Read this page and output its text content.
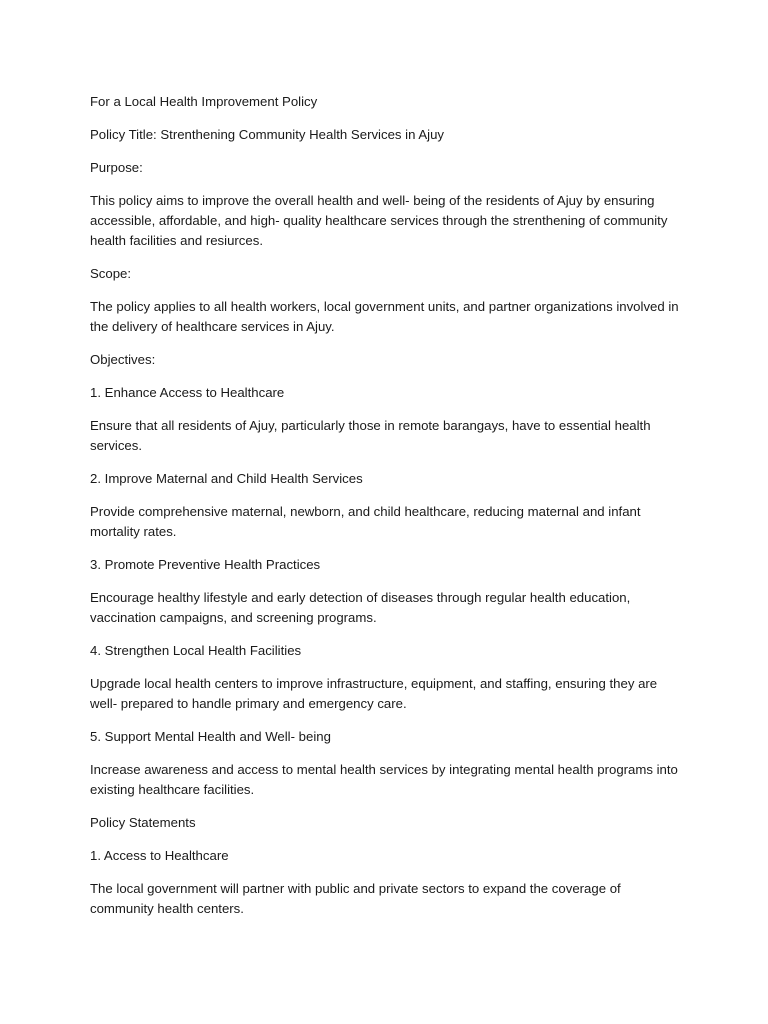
For a Local Health Improvement Policy

Policy Title: Strenthening Community Health Services in Ajuy

Purpose:

This policy aims to improve the overall health and well- being of the residents of Ajuy by ensuring accessible, affordable, and high- quality healthcare services through the strenthening of community health facilities and resiurces.

Scope:

The policy applies to all health workers, local government units, and partner organizations involved in the delivery of healthcare services in Ajuy.

Objectives:

1. Enhance Access to Healthcare

Ensure that all residents of Ajuy, particularly those in remote barangays, have to essential health services.

2. Improve Maternal and Child Health Services

Provide comprehensive maternal, newborn, and child healthcare, reducing maternal and infant mortality rates.

3. Promote Preventive Health Practices

Encourage healthy lifestyle and early detection of diseases through regular health education, vaccination campaigns, and screening programs.

4. Strengthen Local Health Facilities

Upgrade local health centers to improve infrastructure, equipment, and staffing, ensuring they are well- prepared to handle primary and emergency care.

5. Support Mental Health and Well- being

Increase awareness and access to mental health services by integrating mental health programs into existing healthcare facilities.

Policy Statements

1. Access to Healthcare

The local government will partner with public and private sectors to expand the coverage of community health centers.
